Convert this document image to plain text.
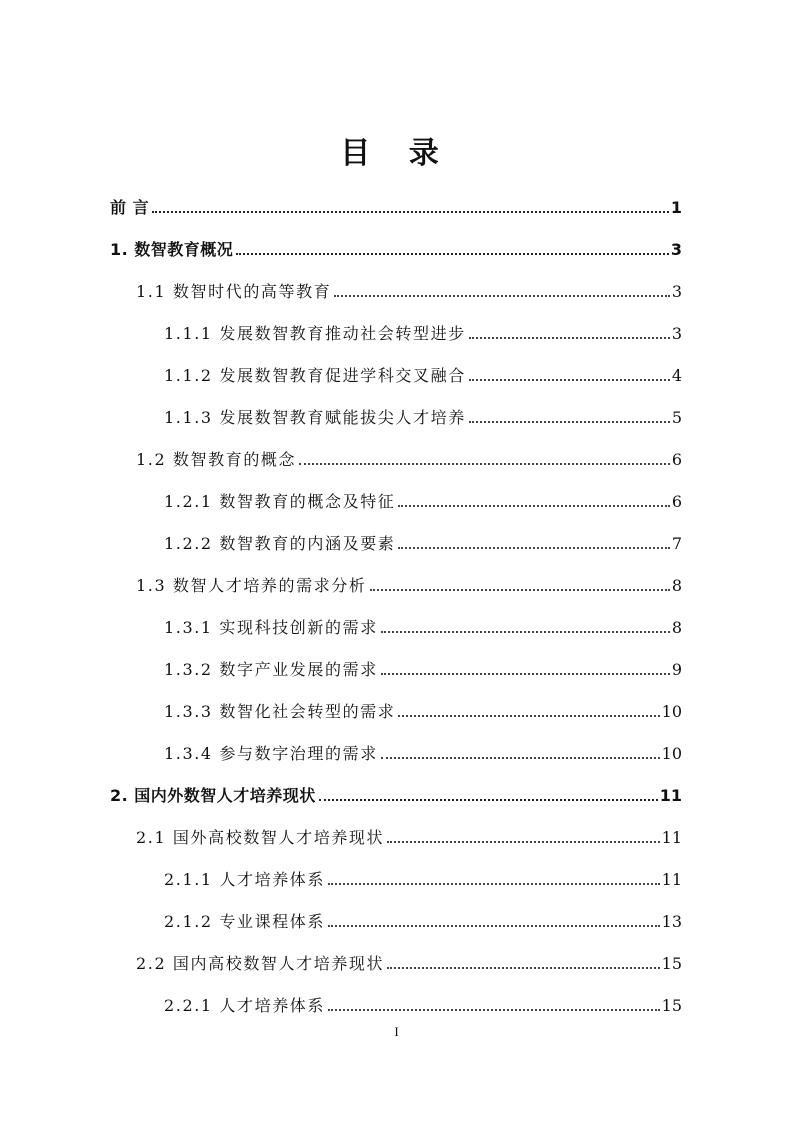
目 录
前 言	1
1. 数智教育概况	3
1.1 数智时代的高等教育	3
1.1.1 发展数智教育推动社会转型进步	3
1.1.2 发展数智教育促进学科交叉融合	4
1.1.3 发展数智教育赋能拔尖人才培养	5
1.2 数智教育的概念	6
1.2.1 数智教育的概念及特征	6
1.2.2 数智教育的内涵及要素	7
1.3 数智人才培养的需求分析	8
1.3.1 实现科技创新的需求	8
1.3.2 数字产业发展的需求	9
1.3.3 数智化社会转型的需求	10
1.3.4 参与数字治理的需求	10
2. 国内外数智人才培养现状	11
2.1 国外高校数智人才培养现状	11
2.1.1 人才培养体系	11
2.1.2 专业课程体系	13
2.2 国内高校数智人才培养现状	15
2.2.1 人才培养体系	15
I
